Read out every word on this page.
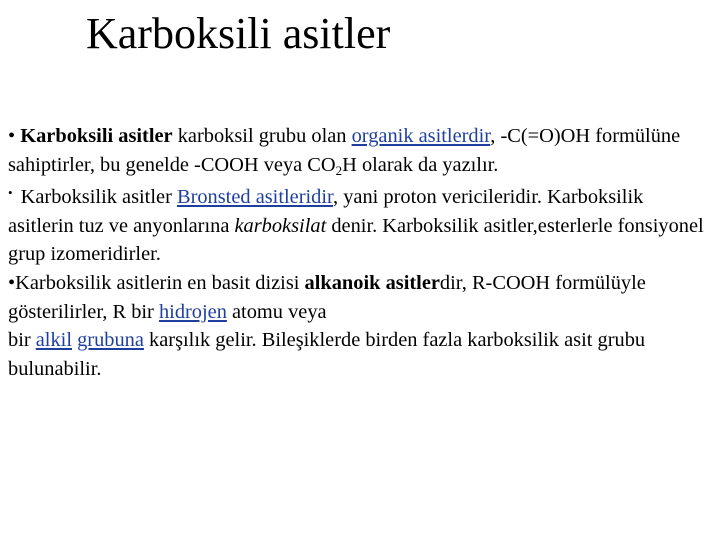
Karboksili asitler

• Karboksili asitler karboksil grubu olan organik asitlerdir, -C(=O)OH formülüne sahiptirler, bu genelde -COOH veya $CO_2H$ olarak da yazılır.

• Karboksilik asitler Bronsted asitleridir, yani proton vericileridir. Karboksilik asitlerin tuz ve anyonlarına karboksilat denir. Karboksilik asitler,esterlerle fonsiyonel grup izomeridirler.

•Karboksilik asitlerin en basit dizisi alkanoik asitlerdir, R-COOH formülüyle gösterilirler, R bir hidrojen atomu veya
bir alkil grubuna karşılık gelir. Bileşiklerde birden fazla karboksilik asit grubu bulunabilir.
